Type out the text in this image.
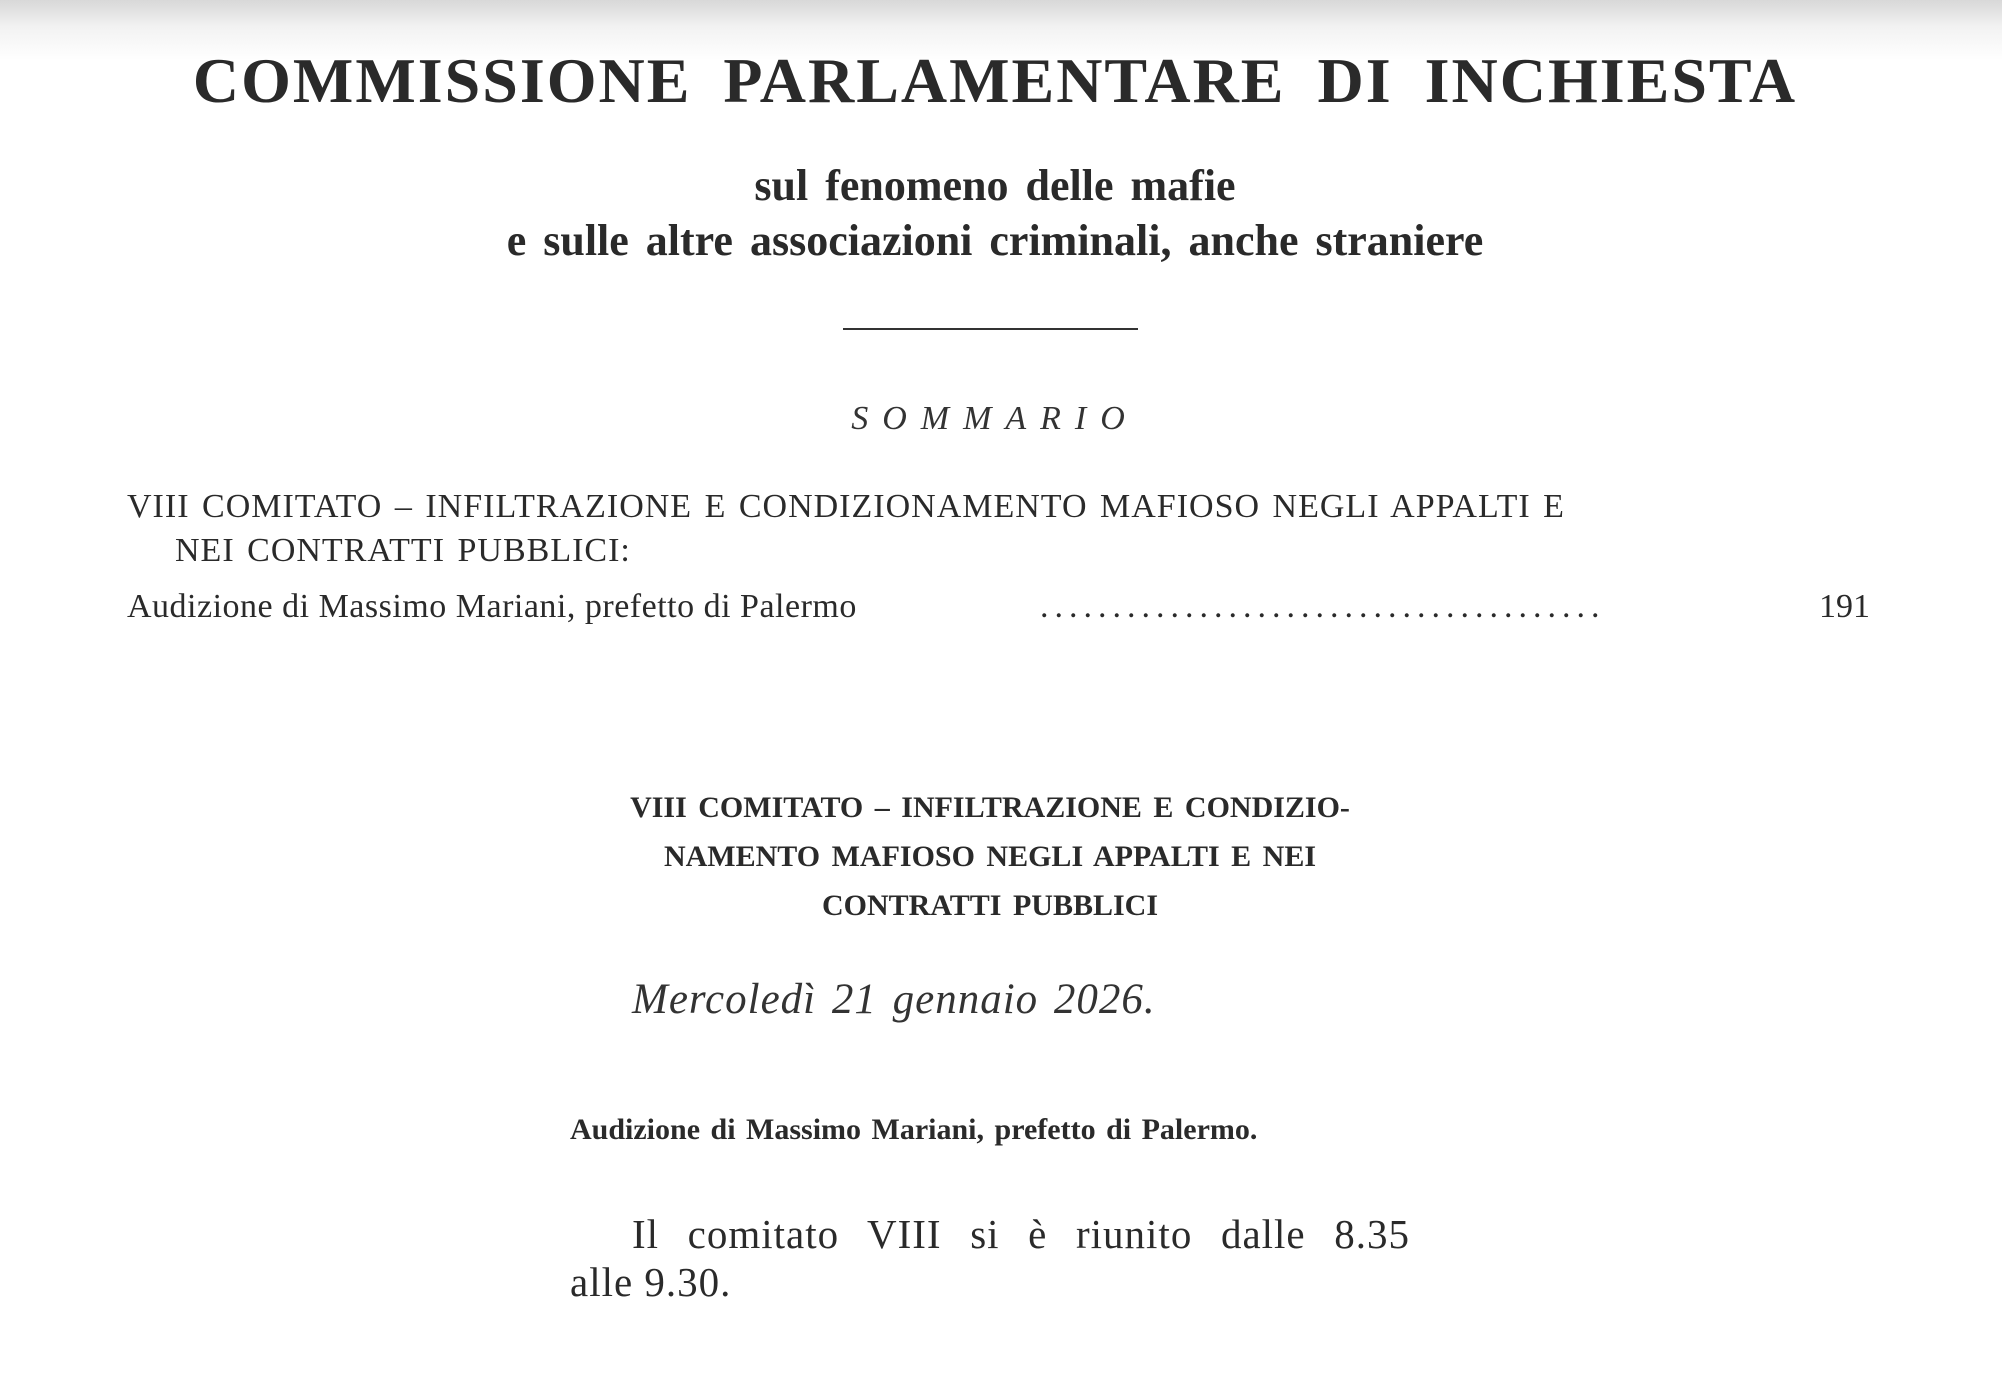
COMMISSIONE PARLAMENTARE DI INCHIESTA
sul fenomeno delle mafie
e sulle altre associazioni criminali, anche straniere
SOMMARIO
VIII COMITATO – INFILTRAZIONE E CONDIZIONAMENTO MAFIOSO NEGLI APPALTI E
NEI CONTRATTI PUBBLICI:
Audizione di Massimo Mariani, prefetto di Palermo	.......................................	191
VIII COMITATO – INFILTRAZIONE E CONDIZIO-
NAMENTO MAFIOSO NEGLI APPALTI E NEI
CONTRATTI PUBBLICI
Mercoledì 21 gennaio 2026.
Audizione di Massimo Mariani, prefetto di Palermo.
Il comitato VIII si è riunito dalle 8.35
alle 9.30.
